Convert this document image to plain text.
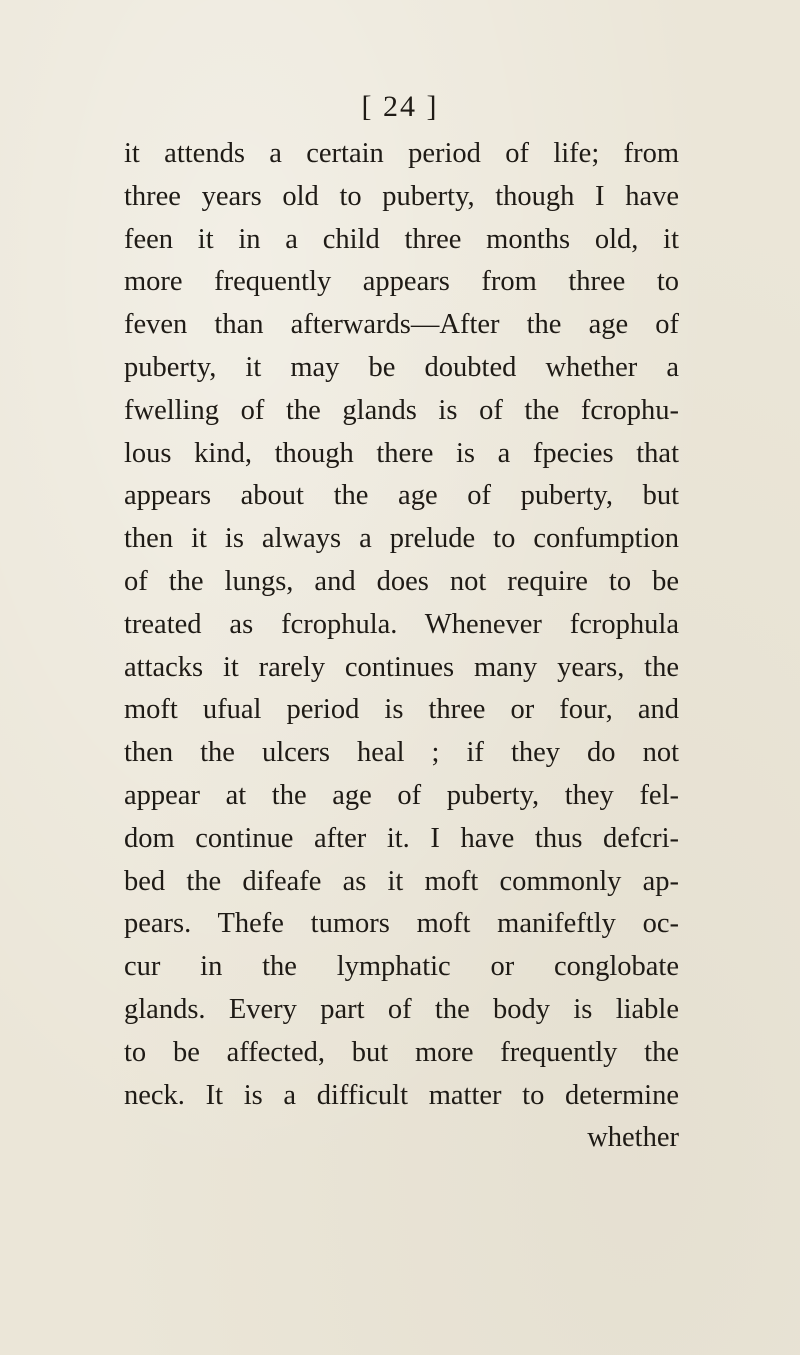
[ 24 ]
it attends a certain period of life; from
three years old to puberty, though I have
feen it in a child three months old, it
more frequently appears from three to
feven than afterwards—After the age of
puberty, it may be doubted whether a
fwelling of the glands is of the fcrophu-
lous kind, though there is a fpecies that
appears about the age of puberty, but
then it is always a prelude to confumption
of the lungs, and does not require to be
treated as fcrophula. Whenever fcrophula
attacks it rarely continues many years, the
moft ufual period is three or four, and
then the ulcers heal ; if they do not
appear at the age of puberty, they fel-
dom continue after it. I have thus defcri-
bed the difeafe as it moft commonly ap-
pears. Thefe tumors moft manifeftly oc-
cur in the lymphatic or conglobate
glands. Every part of the body is liable
to be affected, but more frequently the
neck. It is a difficult matter to determine
whether
